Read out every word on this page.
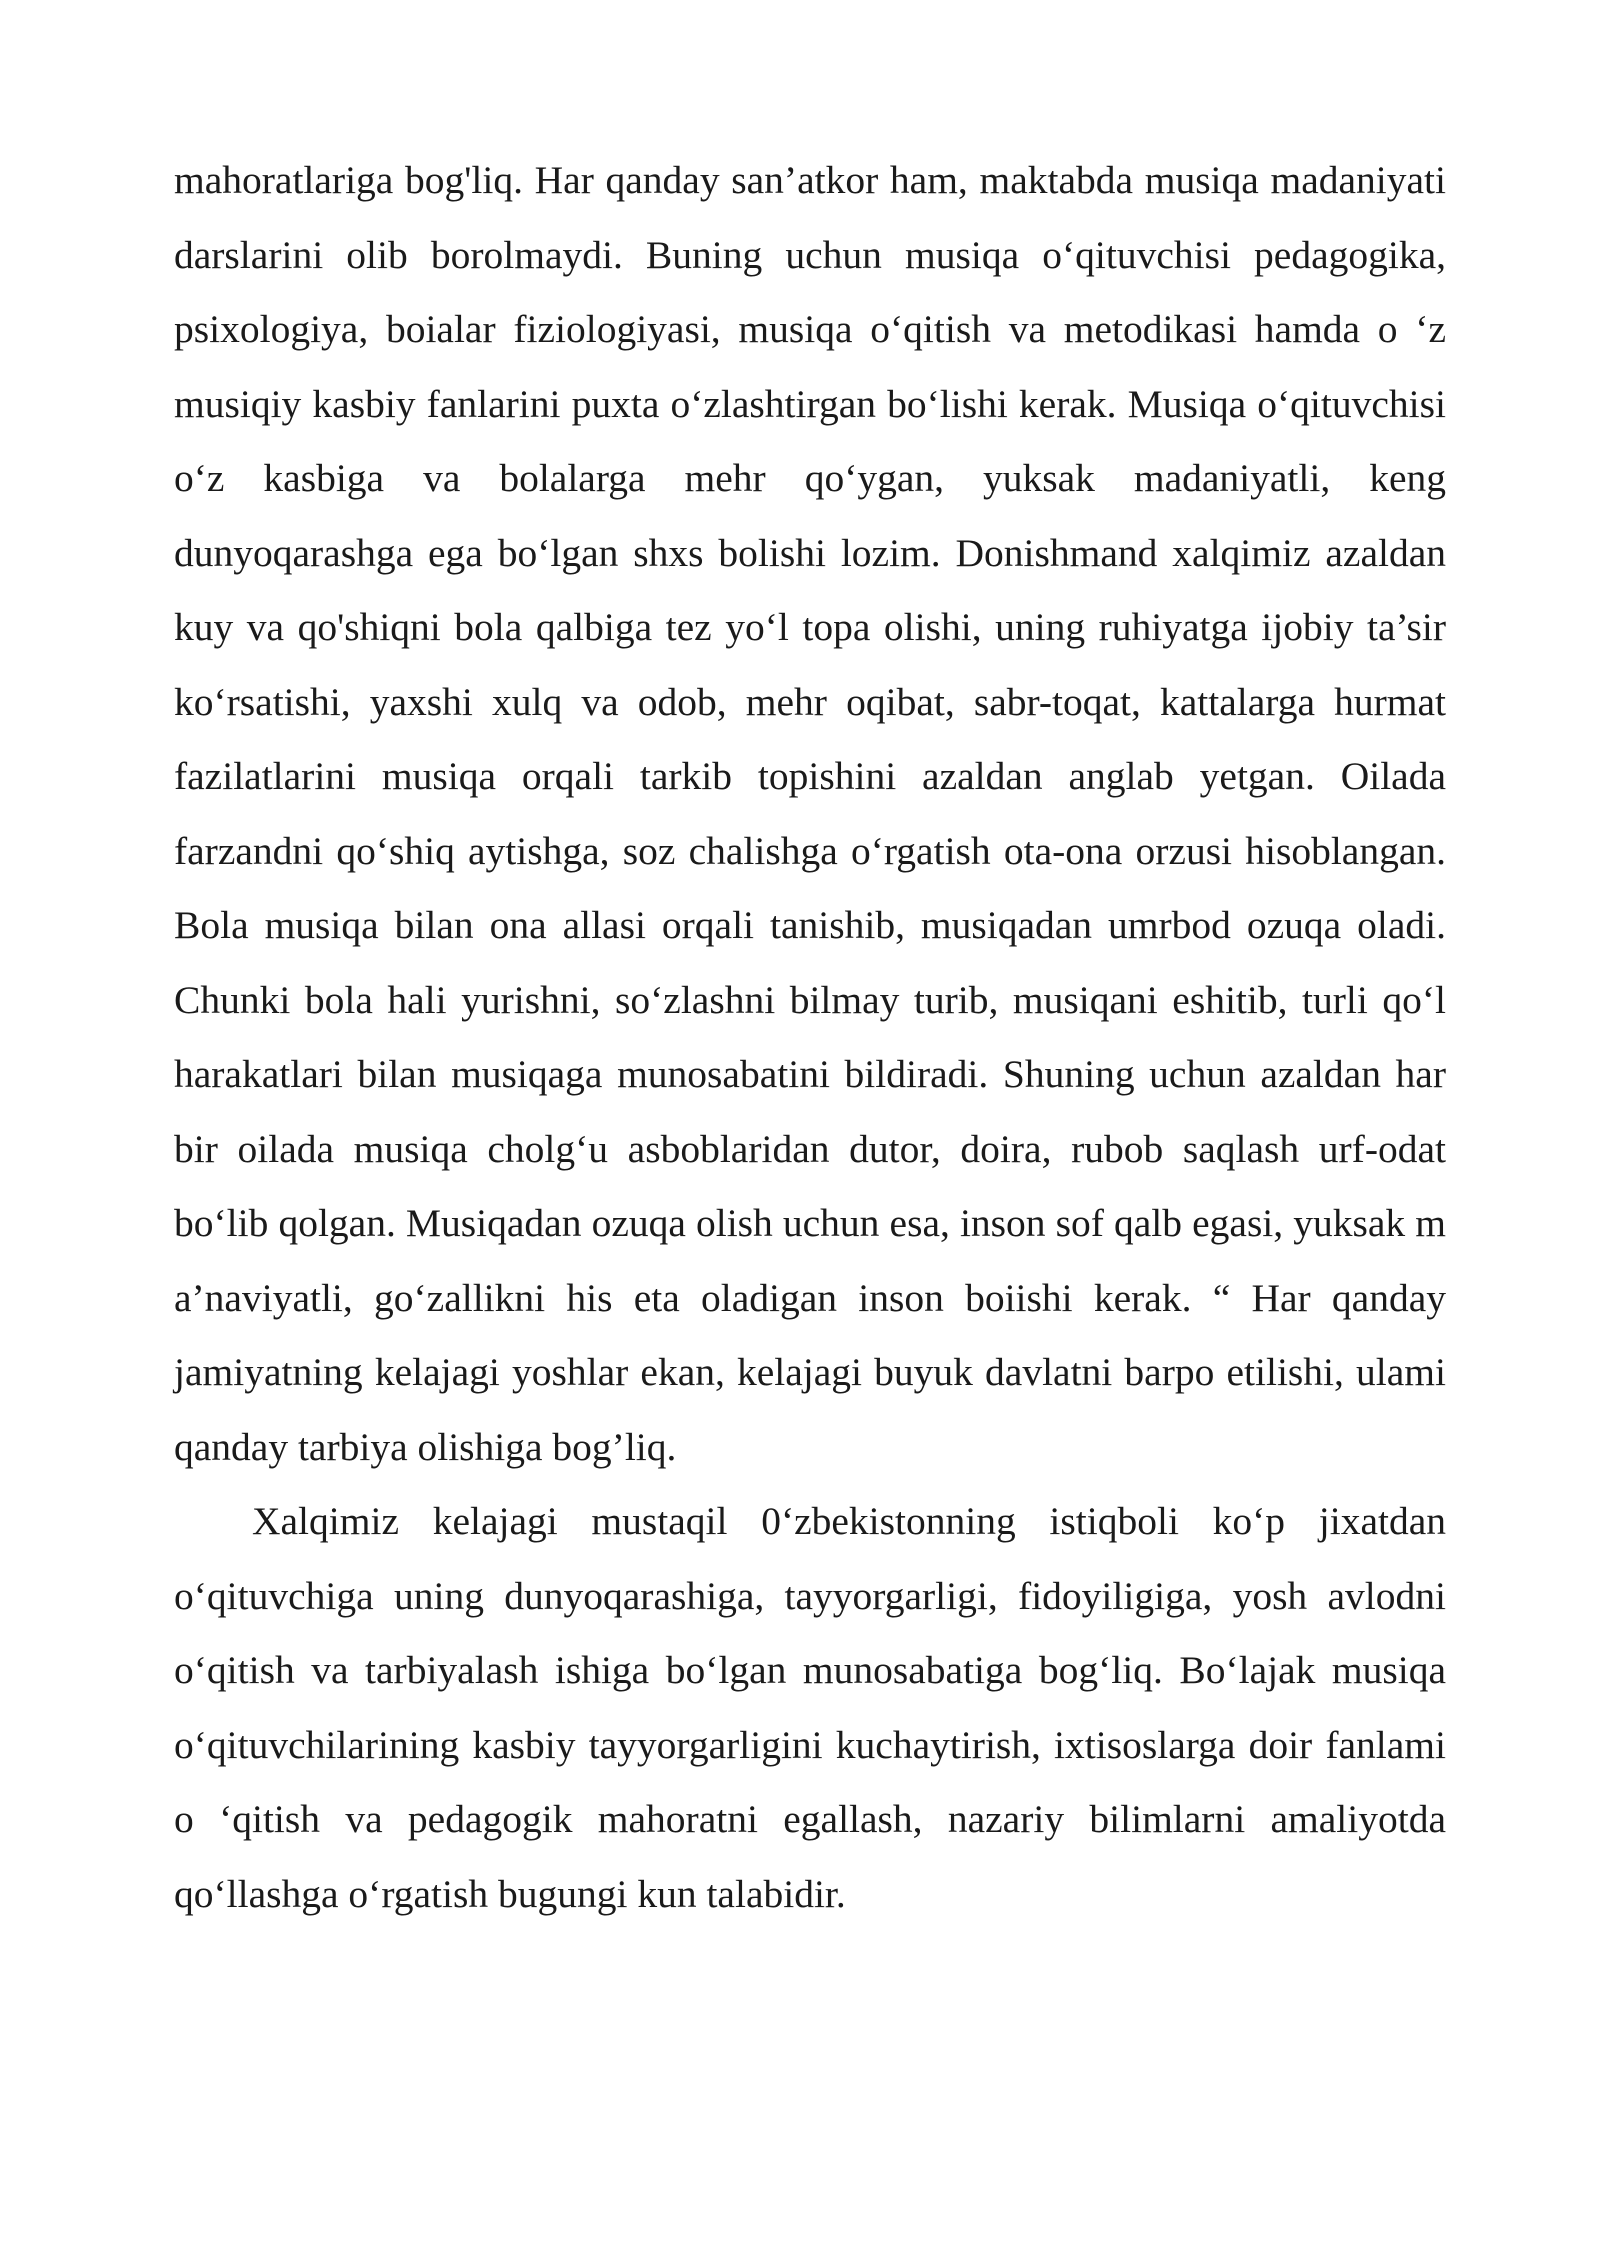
mahoratlariga bog'liq. Har qanday san’atkor ham, maktabda musiqa madaniyati darslarini olib borolmaydi. Buning uchun musiqa o‘qituvchisi pedagogika, psixologiya, boialar fiziologiyasi, musiqa o‘qitish va metodikasi hamda o ‘z musiqiy kasbiy fanlarini puxta o‘zlashtirgan bo‘lishi kerak. Musiqa o‘qituvchisi o‘z kasbiga va bolalarga mehr qo‘ygan, yuksak madaniyatli, keng dunyoqarashga ega bo‘lgan shxs bolishi lozim. Donishmand xalqimiz azaldan kuy va qo'shiqni bola qalbiga tez yo‘l topa olishi, uning ruhiyatga ijobiy ta’sir ko‘rsatishi, yaxshi xulq va odob, mehr oqibat, sabr-toqat, kattalarga hurmat fazilatlarini musiqa orqali tarkib topishini azaldan anglab yetgan. Oilada farzandni qo‘shiq aytishga, soz chalishga o‘rgatish ota-ona orzusi hisoblangan. Bola musiqa bilan ona allasi orqali tanishib, musiqadan umrbod ozuqa oladi. Chunki bola hali yurishni, so‘zlashni bilmay turib, musiqani eshitib, turli qo‘l harakatlari bilan musiqaga munosabatini bildiradi. Shuning uchun azaldan har bir oilada musiqa cholg‘u asboblaridan dutor, doira, rubob saqlash urf-odat bo‘lib qolgan. Musiqadan ozuqa olish uchun esa, inson sof qalb egasi, yuksak m a’naviyatli, go‘zallikni his eta oladigan inson boiishi kerak. “ Har qanday jamiyatning kelajagi yoshlar ekan, kelajagi buyuk davlatni barpo etilishi, ulami qanday tarbiya olishiga bog’liq.

Xalqimiz kelajagi mustaqil 0‘zbekistonning istiqboli ko‘p jixatdan o‘qituvchiga uning dunyoqarashiga, tayyorgarligi, fidoyiligiga, yosh avlodni o‘qitish va tarbiyalash ishiga bo‘lgan munosabatiga bog‘liq. Bo‘lajak musiqa o‘qituvchilarining kasbiy tayyorgarligini kuchaytirish, ixtisoslarga doir fanlami o ‘qitish va pedagogik mahoratni egallash, nazariy bilimlarni amaliyotda qo‘llashga o‘rgatish bugungi kun talabidir.
